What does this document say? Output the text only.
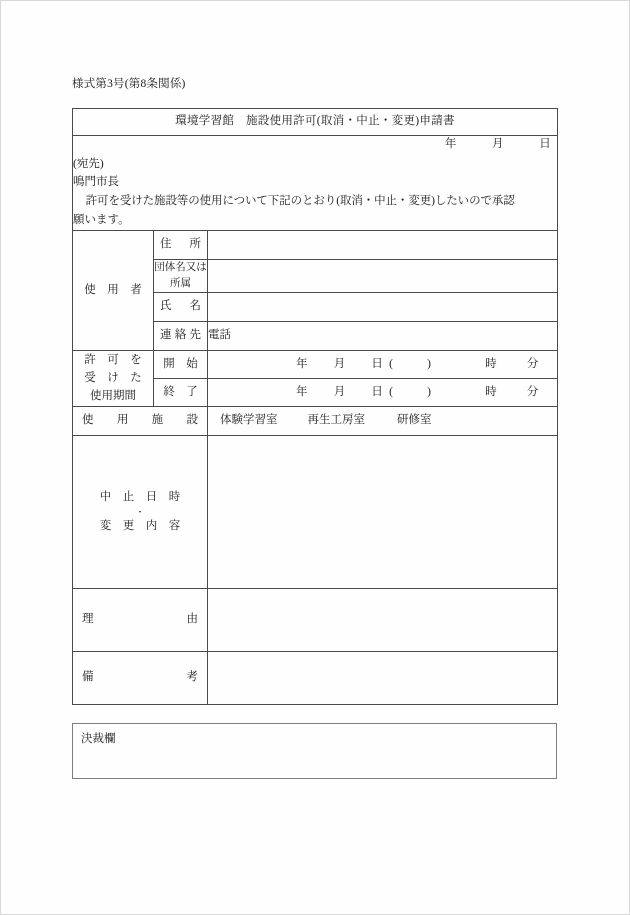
様式第3号(第8条関係)
環境学習館　施設使用許可(取消・中止・変更)申請書		

年　　　月　　　日
(宛先)
鳴門市長
許可を受けた施設等の使用について下記のとおり(取消・中止・変更)したいので承認
願います。		

使　用　者	住 所	

	団体名又は所属	

	氏 名	

	連 絡 先	電話

許　可　を
受　け　た
使用期間	開　始	年 月 日 ( ) 時 分

	終　了	年 月 日 ( ) 時 分

使 用 施 設		体験学習室 再生工房室 研修室

中　止　日　時
・
変　更　内　容		

理 由		

備 考		

決裁欄
